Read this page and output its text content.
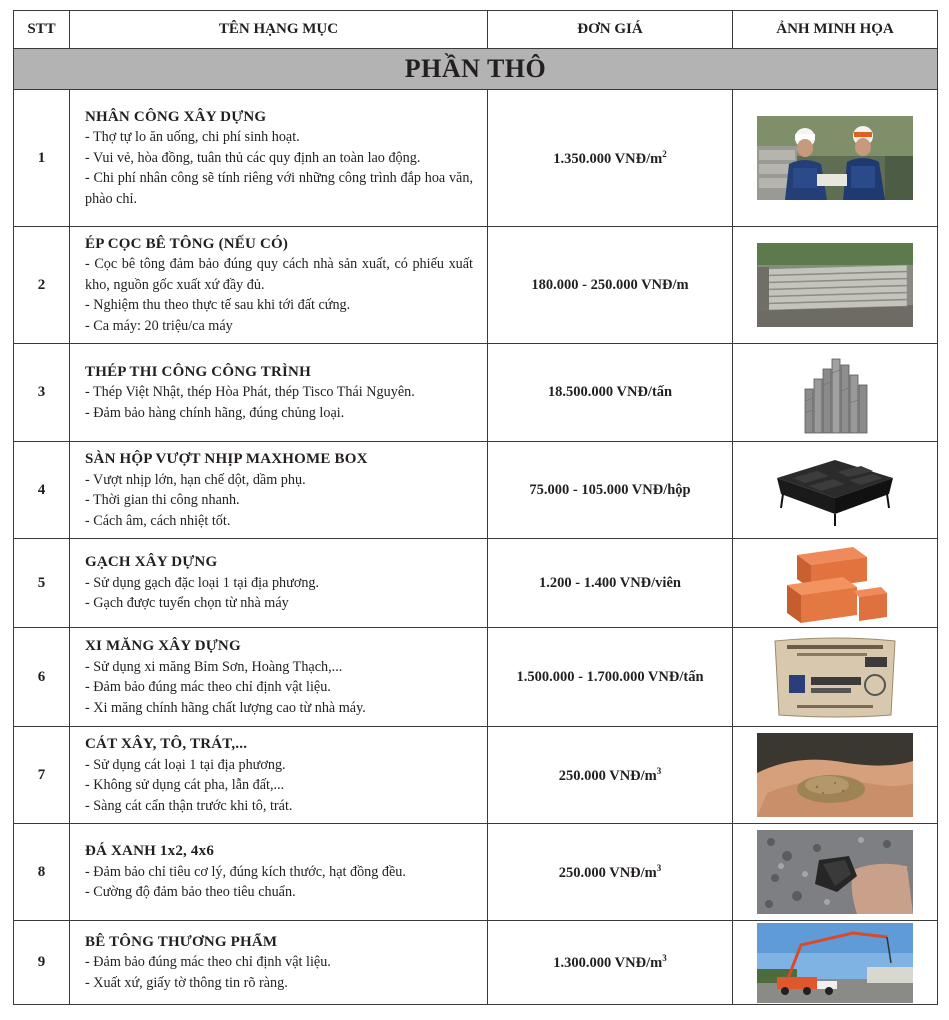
STT	TÊN HẠNG MỤC	ĐƠN GIÁ	ẢNH MINH HỌA
PHẦN THÔ			
1	NHÂN CÔNG XÂY DỰNG
- Thợ tự lo ăn uống, chi phí sinh hoạt.
- Vui vẻ, hòa đồng, tuân thủ các quy định an toàn lao động.
- Chi phí nhân công sẽ tính riêng với những công trình đắp hoa văn, phào chỉ.	1.350.000 VNĐ/$m^2$	

2	ÉP CỌC BÊ TÔNG (NẾU CÓ)
- Cọc bê tông đảm bảo đúng quy cách nhà sản xuất, có phiếu xuất kho, nguồn gốc xuất xứ đầy đủ.
- Nghiệm thu theo thực tế sau khi tới đất cứng.
- Ca máy: 20 triệu/ca máy	180.000 - 250.000 VNĐ/m	

3	THÉP THI CÔNG CÔNG TRÌNH
- Thép Việt Nhật, thép Hòa Phát, thép Tisco Thái Nguyên.
- Đảm bảo hàng chính hãng, đúng chủng loại.	18.500.000 VNĐ/tấn	

4	SÀN HỘP VƯỢT NHỊP MAXHOME BOX
- Vượt nhịp lớn, hạn chế dột, dầm phụ.
- Thời gian thi công nhanh.
- Cách âm, cách nhiệt tốt.	75.000 - 105.000 VNĐ/hộp	

5	GẠCH XÂY DỰNG
- Sử dụng gạch đặc loại 1 tại địa phương.
- Gạch được tuyển chọn từ nhà máy	1.200 - 1.400 VNĐ/viên	

6	XI MĂNG XÂY DỰNG
- Sử dụng xi măng Bỉm Sơn, Hoàng Thạch,...
- Đảm bảo đúng mác theo chỉ định vật liệu.
- Xi măng chính hãng chất lượng cao từ nhà máy.	1.500.000 - 1.700.000 VNĐ/tấn	

7	CÁT XÂY, TÔ, TRÁT,...
- Sử dụng cát loại 1 tại địa phương.
- Không sử dụng cát pha, lẫn đất,...
- Sàng cát cẩn thận trước khi tô, trát.	250.000 VNĐ/$m^3$	

8	ĐÁ XANH 1x2, 4x6
- Đảm bảo chỉ tiêu cơ lý, đúng kích thước, hạt đồng đều.
- Cường độ đảm bảo theo tiêu chuẩn.	250.000 VNĐ/$m^3$	

9	BÊ TÔNG THƯƠNG PHẨM
- Đảm bảo đúng mác theo chỉ định vật liệu.
- Xuất xứ, giấy tờ thông tin rõ ràng.	1.300.000 VNĐ/$m^3$	
